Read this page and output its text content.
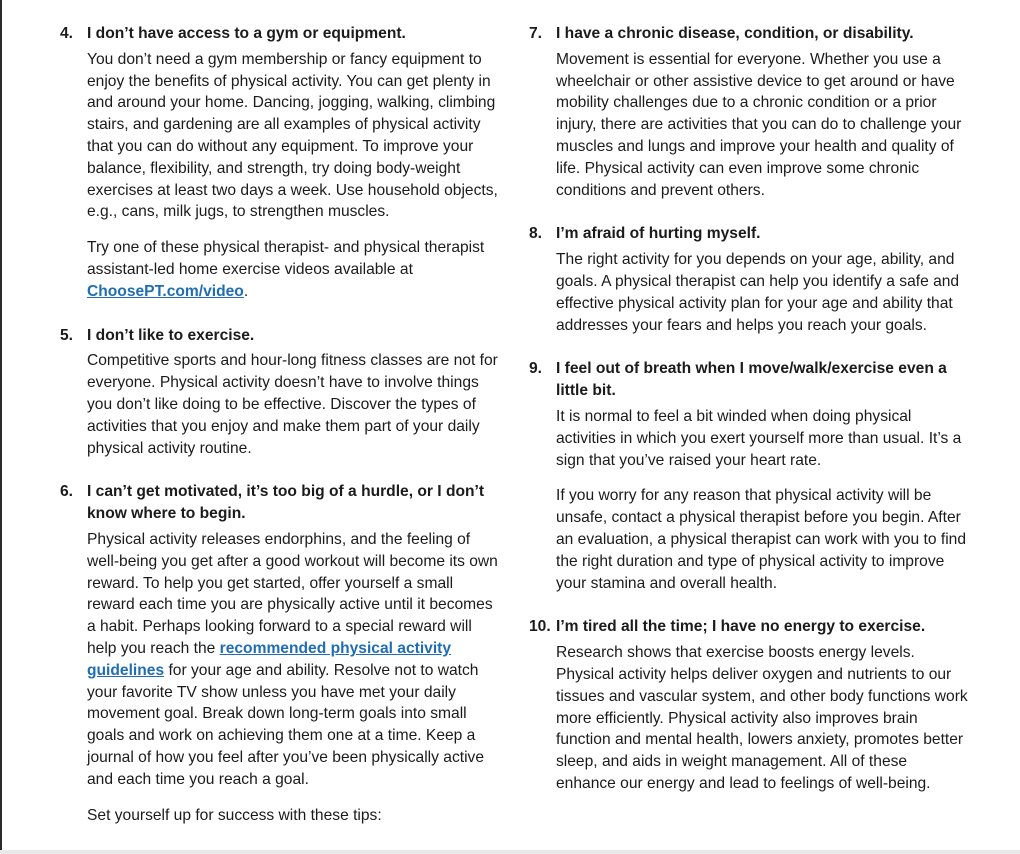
4. I don’t have access to a gym or equipment.

You don’t need a gym membership or fancy equipment to enjoy the benefits of physical activity. You can get plenty in and around your home. Dancing, jogging, walking, climbing stairs, and gardening are all examples of physical activity that you can do without any equipment. To improve your balance, flexibility, and strength, try doing body-weight exercises at least two days a week. Use household objects, e.g., cans, milk jugs, to strengthen muscles.

Try one of these physical therapist- and physical therapist assistant-led home exercise videos available at ChoosePT.com/video.

5. I don’t like to exercise.

Competitive sports and hour-long fitness classes are not for everyone. Physical activity doesn’t have to involve things you don’t like doing to be effective. Discover the types of activities that you enjoy and make them part of your daily physical activity routine.

6. I can’t get motivated, it’s too big of a hurdle, or I don’t know where to begin.

Physical activity releases endorphins, and the feeling of well-being you get after a good workout will become its own reward. To help you get started, offer yourself a small reward each time you are physically active until it becomes a habit. Perhaps looking forward to a special reward will help you reach the recommended physical activity guidelines for your age and ability. Resolve not to watch your favorite TV show unless you have met your daily movement goal. Break down long-term goals into small goals and work on achieving them one at a time. Keep a journal of how you feel after you’ve been physically active and each time you reach a goal.

Set yourself up for success with these tips:

7. I have a chronic disease, condition, or disability.

Movement is essential for everyone. Whether you use a wheelchair or other assistive device to get around or have mobility challenges due to a chronic condition or a prior injury, there are activities that you can do to challenge your muscles and lungs and improve your health and quality of life. Physical activity can even improve some chronic conditions and prevent others.

8. I’m afraid of hurting myself.

The right activity for you depends on your age, ability, and goals. A physical therapist can help you identify a safe and effective physical activity plan for your age and ability that addresses your fears and helps you reach your goals.

9. I feel out of breath when I move/walk/exercise even a little bit.

It is normal to feel a bit winded when doing physical activities in which you exert yourself more than usual. It’s a sign that you’ve raised your heart rate.

If you worry for any reason that physical activity will be unsafe, contact a physical therapist before you begin. After an evaluation, a physical therapist can work with you to find the right duration and type of physical activity to improve your stamina and overall health.

10. I’m tired all the time; I have no energy to exercise.

Research shows that exercise boosts energy levels. Physical activity helps deliver oxygen and nutrients to our tissues and vascular system, and other body functions work more efficiently. Physical activity also improves brain function and mental health, lowers anxiety, promotes better sleep, and aids in weight management. All of these enhance our energy and lead to feelings of well-being.
